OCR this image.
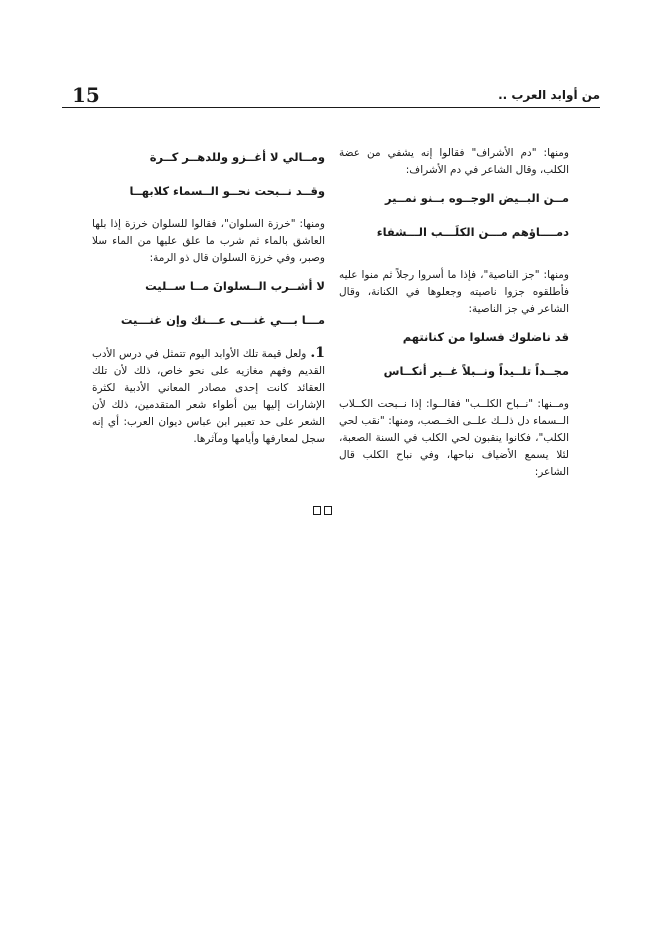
15	من أوابد العرب ..

ومنها: "دم الأشراف" فقالوا إنه يشفي من عضة الكلب، وقال الشاعر في دم الأشراف:

مــن البــيض الوجــوه بــنو نمــير

دمــــاؤهم مـــن الكلَـــب الـــشفاء

ومنها: "جز الناصية"، فإذا ما أسروا رجلاً ثم منوا عليه فأطلقوه جزوا ناصيته وجعلوها في الكنانة، وقال الشاعر في جز الناصية:

قد ناضلوك فسلوا من كنانتهم

مجــداً تلــيداً ونــبلاً غــير أنكــاس

ومــنها: "نــباح الكلــب" فقالــوا: إذا نــبحت الكــلاب الــسماء دل ذلــك علــى الخــصب، ومنها: "نقب لحي الكلب"، فكانوا ينقبون لحي الكلب في السنة الصعبة، لئلا يسمع الأضياف نباحها، وفي نباح الكلب قال الشاعر:

ومــالي لا أغــزو وللدهــر كــرة

وقــد نــبحت نحــو الــسماء كلابهــا

ومنها: "خرزة السلوان"، فقالوا للسلوان خرزة إذا بلها العاشق بالماء ثم شرب ما علق عليها من الماء سلا وصبر، وفي خرزة السلوان قال ذو الرمة:

لا أشــرب الــسلوانَ مــا ســليت

مـــا بـــي غنـــى عـــنك وإن غنـــيت

1.ولعل قيمة تلك الأوابد اليوم تتمثل في درس الأدب القديم وفهم مغازيه على نحو خاص، ذلك لأن تلك العقائد كانت إحدى مصادر المعاني الأدبية لكثرة الإشارات إليها بين أطواء شعر المتقدمين، ذلك لأن الشعر على حد تعبير ابن عباس ديوان العرب: أي إنه سجل لمعارفها وأيامها ومآثرها.
